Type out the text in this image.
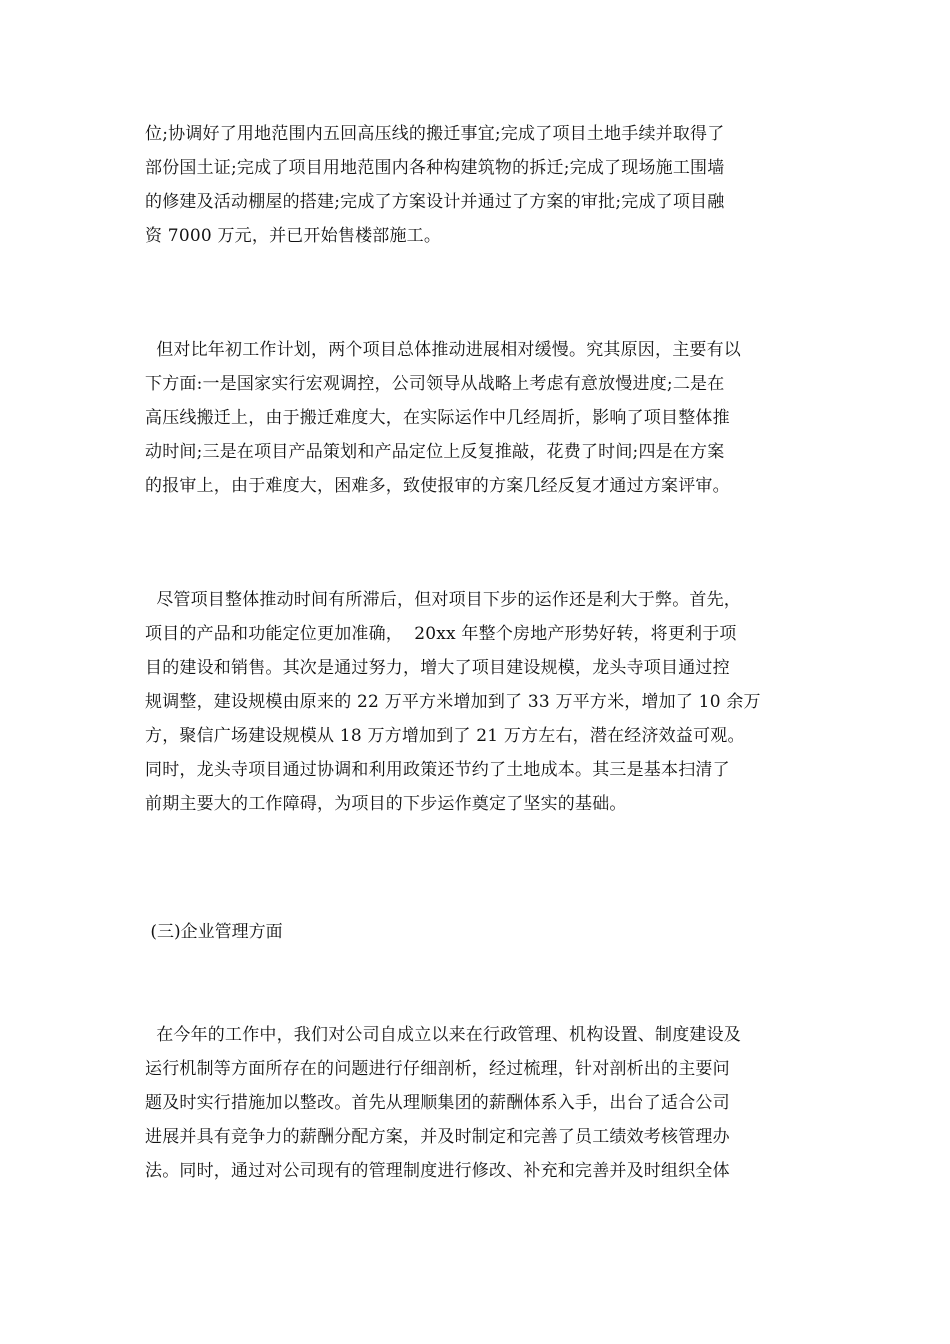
位;协调好了用地范围内五回高压线的搬迁事宜;完成了项目土地手续并取得了
部份国土证;完成了项目用地范围内各种构建筑物的拆迁;完成了现场施工围墙
的修建及活动棚屋的搭建;完成了方案设计并通过了方案的审批;完成了项目融
资 7000 万元，并已开始售楼部施工。
但对比年初工作计划，两个项目总体推动进展相对缓慢。究其原因，主要有以
下方面:一是国家实行宏观调控，公司领导从战略上考虑有意放慢进度;二是在
高压线搬迁上，由于搬迁难度大，在实际运作中几经周折，影响了项目整体推
动时间;三是在项目产品策划和产品定位上反复推敲，花费了时间;四是在方案
的报审上，由于难度大，困难多，致使报审的方案几经反复才通过方案评审。
尽管项目整体推动时间有所滞后，但对项目下步的运作还是利大于弊。首先，
项目的产品和功能定位更加准确，  20xx 年整个房地产形势好转，将更利于项
目的建设和销售。其次是通过努力，增大了项目建设规模，龙头寺项目通过控
规调整，建设规模由原来的 22 万平方米增加到了 33 万平方米，增加了 10 余万
方，聚信广场建设规模从 18 万方增加到了 21 万方左右，潜在经济效益可观。
同时，龙头寺项目通过协调和利用政策还节约了土地成本。其三是基本扫清了
前期主要大的工作障碍，为项目的下步运作奠定了坚实的基础。
(三)企业管理方面
在今年的工作中，我们对公司自成立以来在行政管理、机构设置、制度建设及
运行机制等方面所存在的问题进行仔细剖析，经过梳理，针对剖析出的主要问
题及时实行措施加以整改。首先从理顺集团的薪酬体系入手，出台了适合公司
进展并具有竞争力的薪酬分配方案，并及时制定和完善了员工绩效考核管理办
法。同时，通过对公司现有的管理制度进行修改、补充和完善并及时组织全体
